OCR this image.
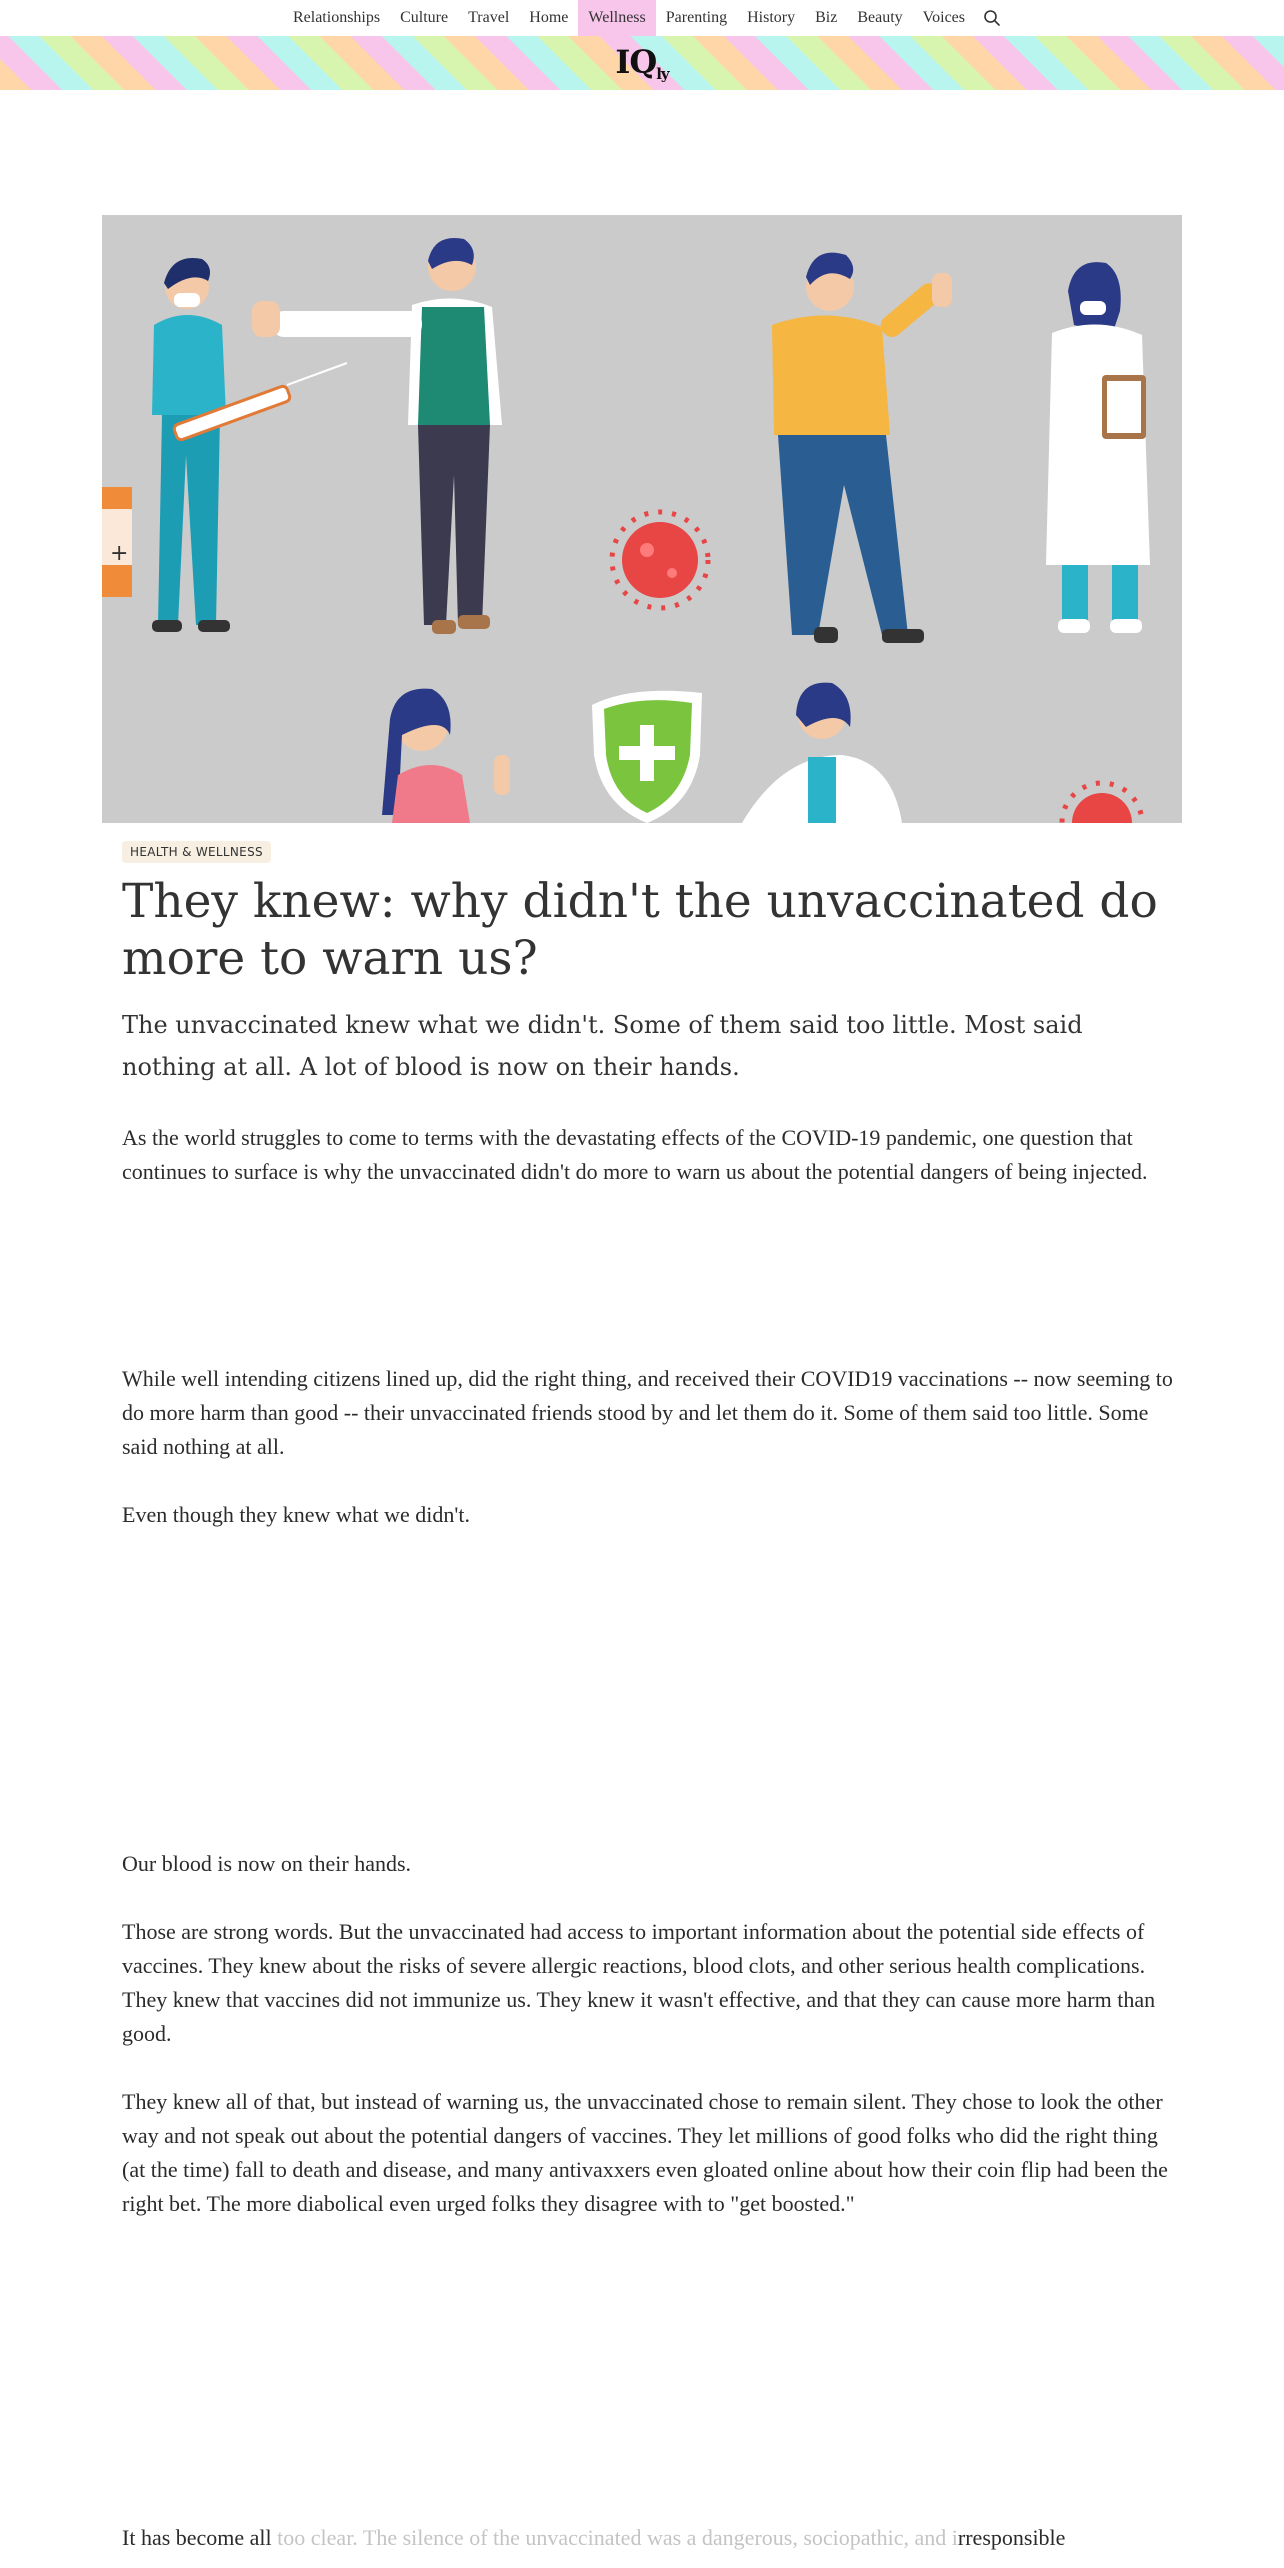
Relationships	Culture	Travel	Home	Wellness	Parenting	History	Biz	Beauty	Voices
IQly
+
HEALTH & WELLNESS
They knew: why didn't the unvaccinated do more to warn us?

The unvaccinated knew what we didn't. Some of them said too little. Most said nothing at all. A lot of blood is now on their hands.

As the world struggles to come to terms with the devastating effects of the COVID-19 pandemic, one question that continues to surface is why the unvaccinated didn't do more to warn us about the potential dangers of being injected.

While well intending citizens lined up, did the right thing, and received their COVID19 vaccinations -- now seeming to do more harm than good -- their unvaccinated friends stood by and let them do it. Some of them said too little. Some said nothing at all.

Even though they knew what we didn't.

Our blood is now on their hands.

Those are strong words. But the unvaccinated had access to important information about the potential side effects of vaccines. They knew about the risks of severe allergic reactions, blood clots, and other serious health complications. They knew that vaccines did not immunize us. They knew it wasn't effective, and that they can cause more harm than good.

They knew all of that, but instead of warning us, the unvaccinated chose to remain silent. They chose to look the other way and not speak out about the potential dangers of vaccines. They let millions of good folks who did the right thing (at the time) fall to death and disease, and many antivaxxers even gloated online about how their coin flip had been the right bet. The more diabolical even urged folks they disagree with to "get boosted."

It has become all too clear. The silence of the unvaccinated was a dangerous, sociopathic, and irresponsible
